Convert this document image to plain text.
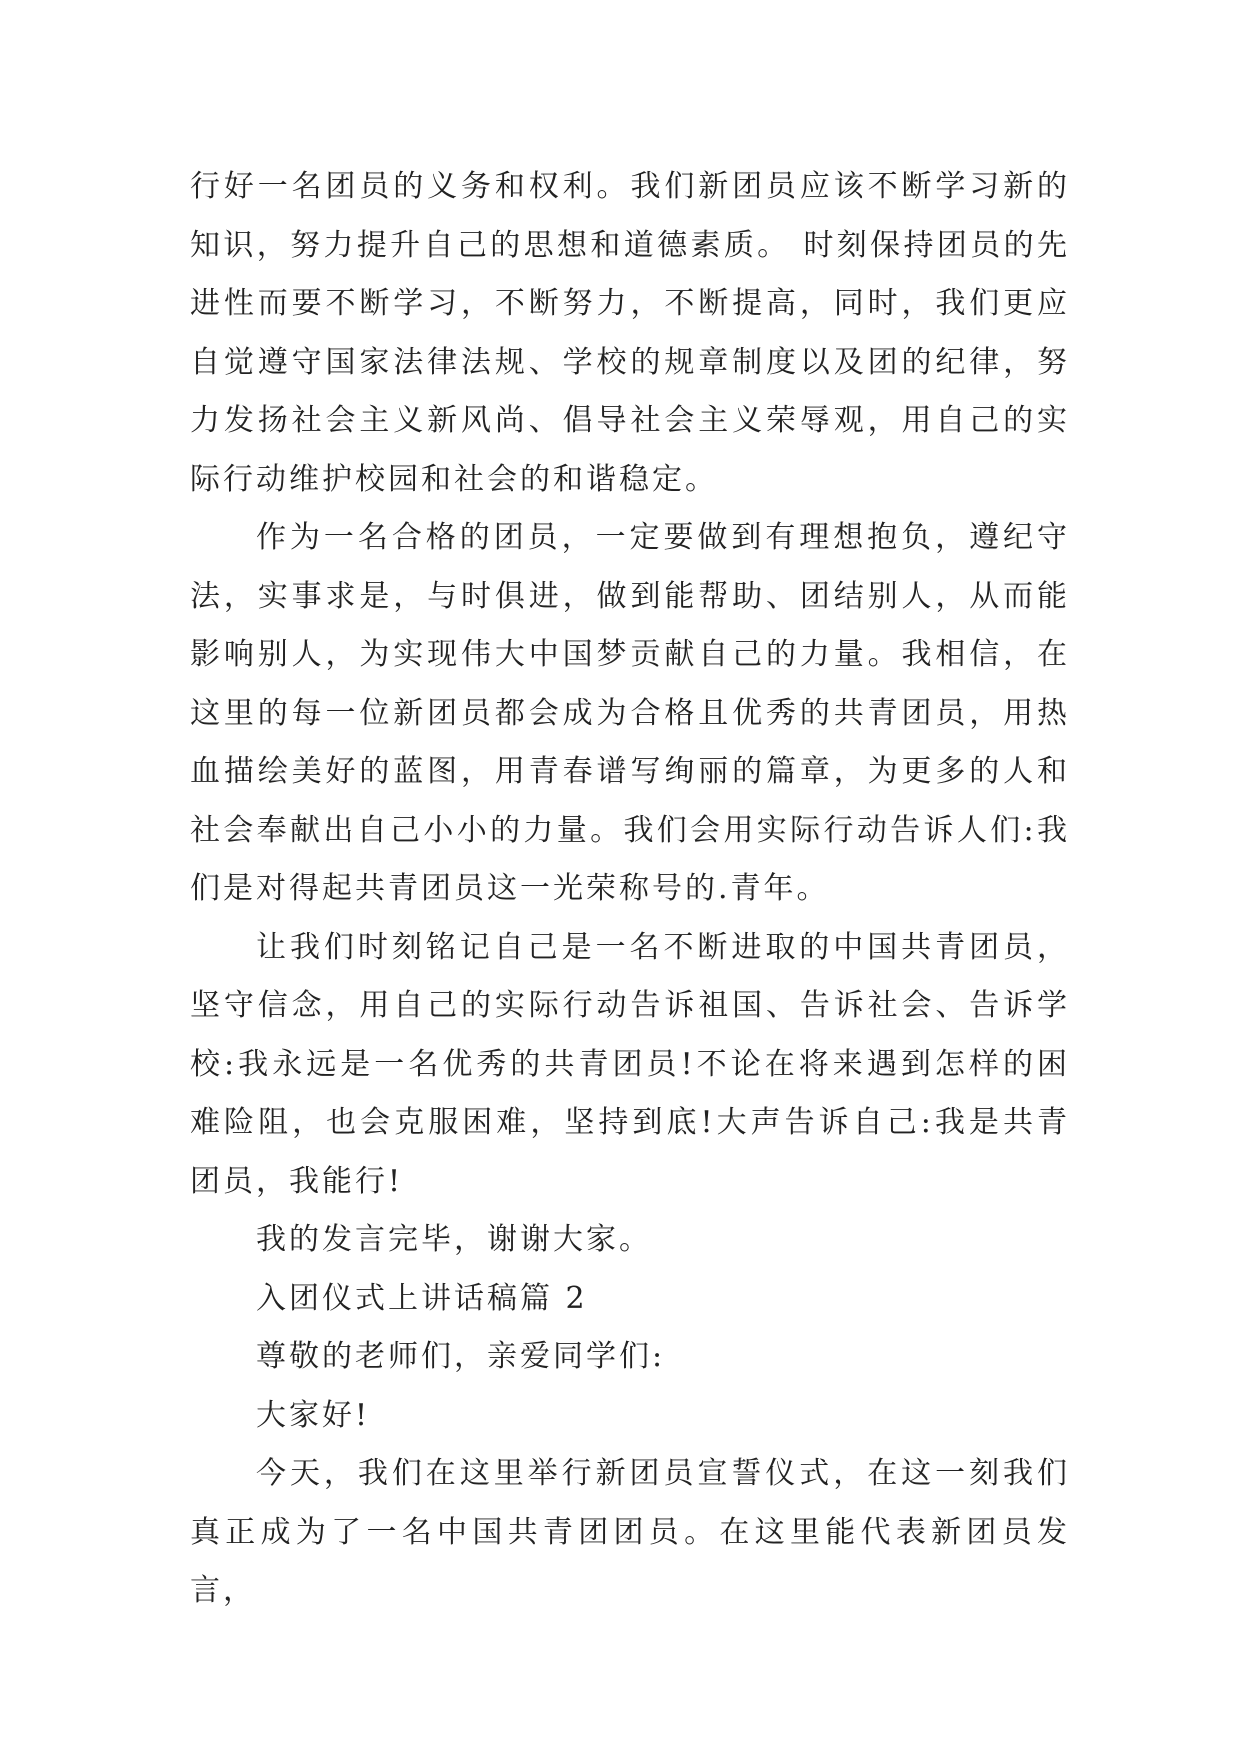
行好一名团员的义务和权利。我们新团员应该不断学习新的知识，努力提升自己的思想和道德素质。 时刻保持团员的先进性而要不断学习，不断努力，不断提高，同时，我们更应自觉遵守国家法律法规、学校的规章制度以及团的纪律，努力发扬社会主义新风尚、倡导社会主义荣辱观，用自己的实际行动维护校园和社会的和谐稳定。

作为一名合格的团员，一定要做到有理想抱负，遵纪守法，实事求是，与时俱进，做到能帮助、团结别人，从而能影响别人，为实现伟大中国梦贡献自己的力量。我相信，在这里的每一位新团员都会成为合格且优秀的共青团员，用热血描绘美好的蓝图，用青春谱写绚丽的篇章，为更多的人和社会奉献出自己小小的力量。我们会用实际行动告诉人们:我们是对得起共青团员这一光荣称号的.青年。

让我们时刻铭记自己是一名不断进取的中国共青团员，坚守信念，用自己的实际行动告诉祖国、告诉社会、告诉学校:我永远是一名优秀的共青团员!不论在将来遇到怎样的困难险阻，也会克服困难，坚持到底!大声告诉自己:我是共青团员，我能行!

我的发言完毕，谢谢大家。

入团仪式上讲话稿篇 2

尊敬的老师们，亲爱同学们:

大家好!

今天，我们在这里举行新团员宣誓仪式，在这一刻我们真正成为了一名中国共青团团员。在这里能代表新团员发言，
